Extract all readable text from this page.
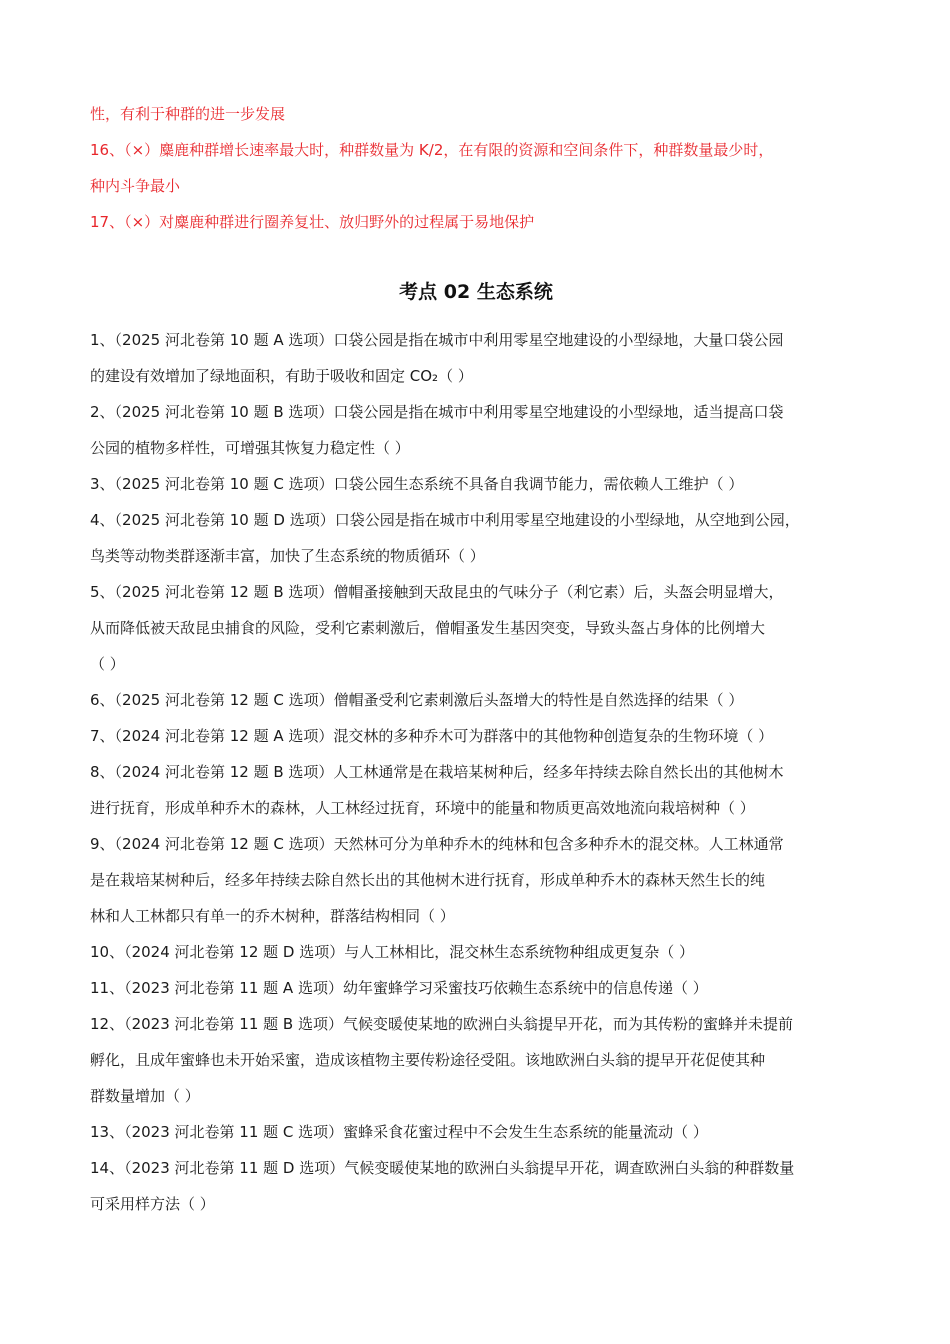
性，有利于种群的进一步发展

16、（×）麋鹿种群增长速率最大时，种群数量为 K/2，在有限的资源和空间条件下，种群数量最少时，

种内斗争最小

17、（×）对麋鹿种群进行圈养复壮、放归野外的过程属于易地保护

考点 02 生态系统

1、（2025 河北卷第 10 题 A 选项）口袋公园是指在城市中利用零星空地建设的小型绿地，大量口袋公园

的建设有效增加了绿地面积，有助于吸收和固定 CO₂（ ）

2、（2025 河北卷第 10 题 B 选项）口袋公园是指在城市中利用零星空地建设的小型绿地，适当提高口袋

公园的植物多样性，可增强其恢复力稳定性（ ）

3、（2025 河北卷第 10 题 C 选项）口袋公园生态系统不具备自我调节能力，需依赖人工维护（ ）

4、（2025 河北卷第 10 题 D 选项）口袋公园是指在城市中利用零星空地建设的小型绿地，从空地到公园，

鸟类等动物类群逐渐丰富，加快了生态系统的物质循环（ ）

5、（2025 河北卷第 12 题 B 选项）僧帽蚤接触到天敌昆虫的气味分子（利它素）后，头盔会明显增大，

从而降低被天敌昆虫捕食的风险，受利它素刺激后，僧帽蚤发生基因突变，导致头盔占身体的比例增大

（ ）

6、（2025 河北卷第 12 题 C 选项）僧帽蚤受利它素刺激后头盔增大的特性是自然选择的结果（ ）

7、（2024 河北卷第 12 题 A 选项）混交林的多种乔木可为群落中的其他物种创造复杂的生物环境（ ）

8、（2024 河北卷第 12 题 B 选项）人工林通常是在栽培某树种后，经多年持续去除自然长出的其他树木

进行抚育，形成单种乔木的森林，人工林经过抚育，环境中的能量和物质更高效地流向栽培树种（ ）

9、（2024 河北卷第 12 题 C 选项）天然林可分为单种乔木的纯林和包含多种乔木的混交林。人工林通常

是在栽培某树种后，经多年持续去除自然长出的其他树木进行抚育，形成单种乔木的森林天然生长的纯

林和人工林都只有单一的乔木树种，群落结构相同（ ）

10、（2024 河北卷第 12 题 D 选项）与人工林相比，混交林生态系统物种组成更复杂（ ）

11、（2023 河北卷第 11 题 A 选项）幼年蜜蜂学习采蜜技巧依赖生态系统中的信息传递（ ）

12、（2023 河北卷第 11 题 B 选项）气候变暖使某地的欧洲白头翁提早开花，而为其传粉的蜜蜂并未提前

孵化，且成年蜜蜂也未开始采蜜，造成该植物主要传粉途径受阻。该地欧洲白头翁的提早开花促使其种

群数量增加（ ）

13、（2023 河北卷第 11 题 C 选项）蜜蜂采食花蜜过程中不会发生生态系统的能量流动（ ）

14、（2023 河北卷第 11 题 D 选项）气候变暖使某地的欧洲白头翁提早开花，调查欧洲白头翁的种群数量

可采用样方法（ ）
